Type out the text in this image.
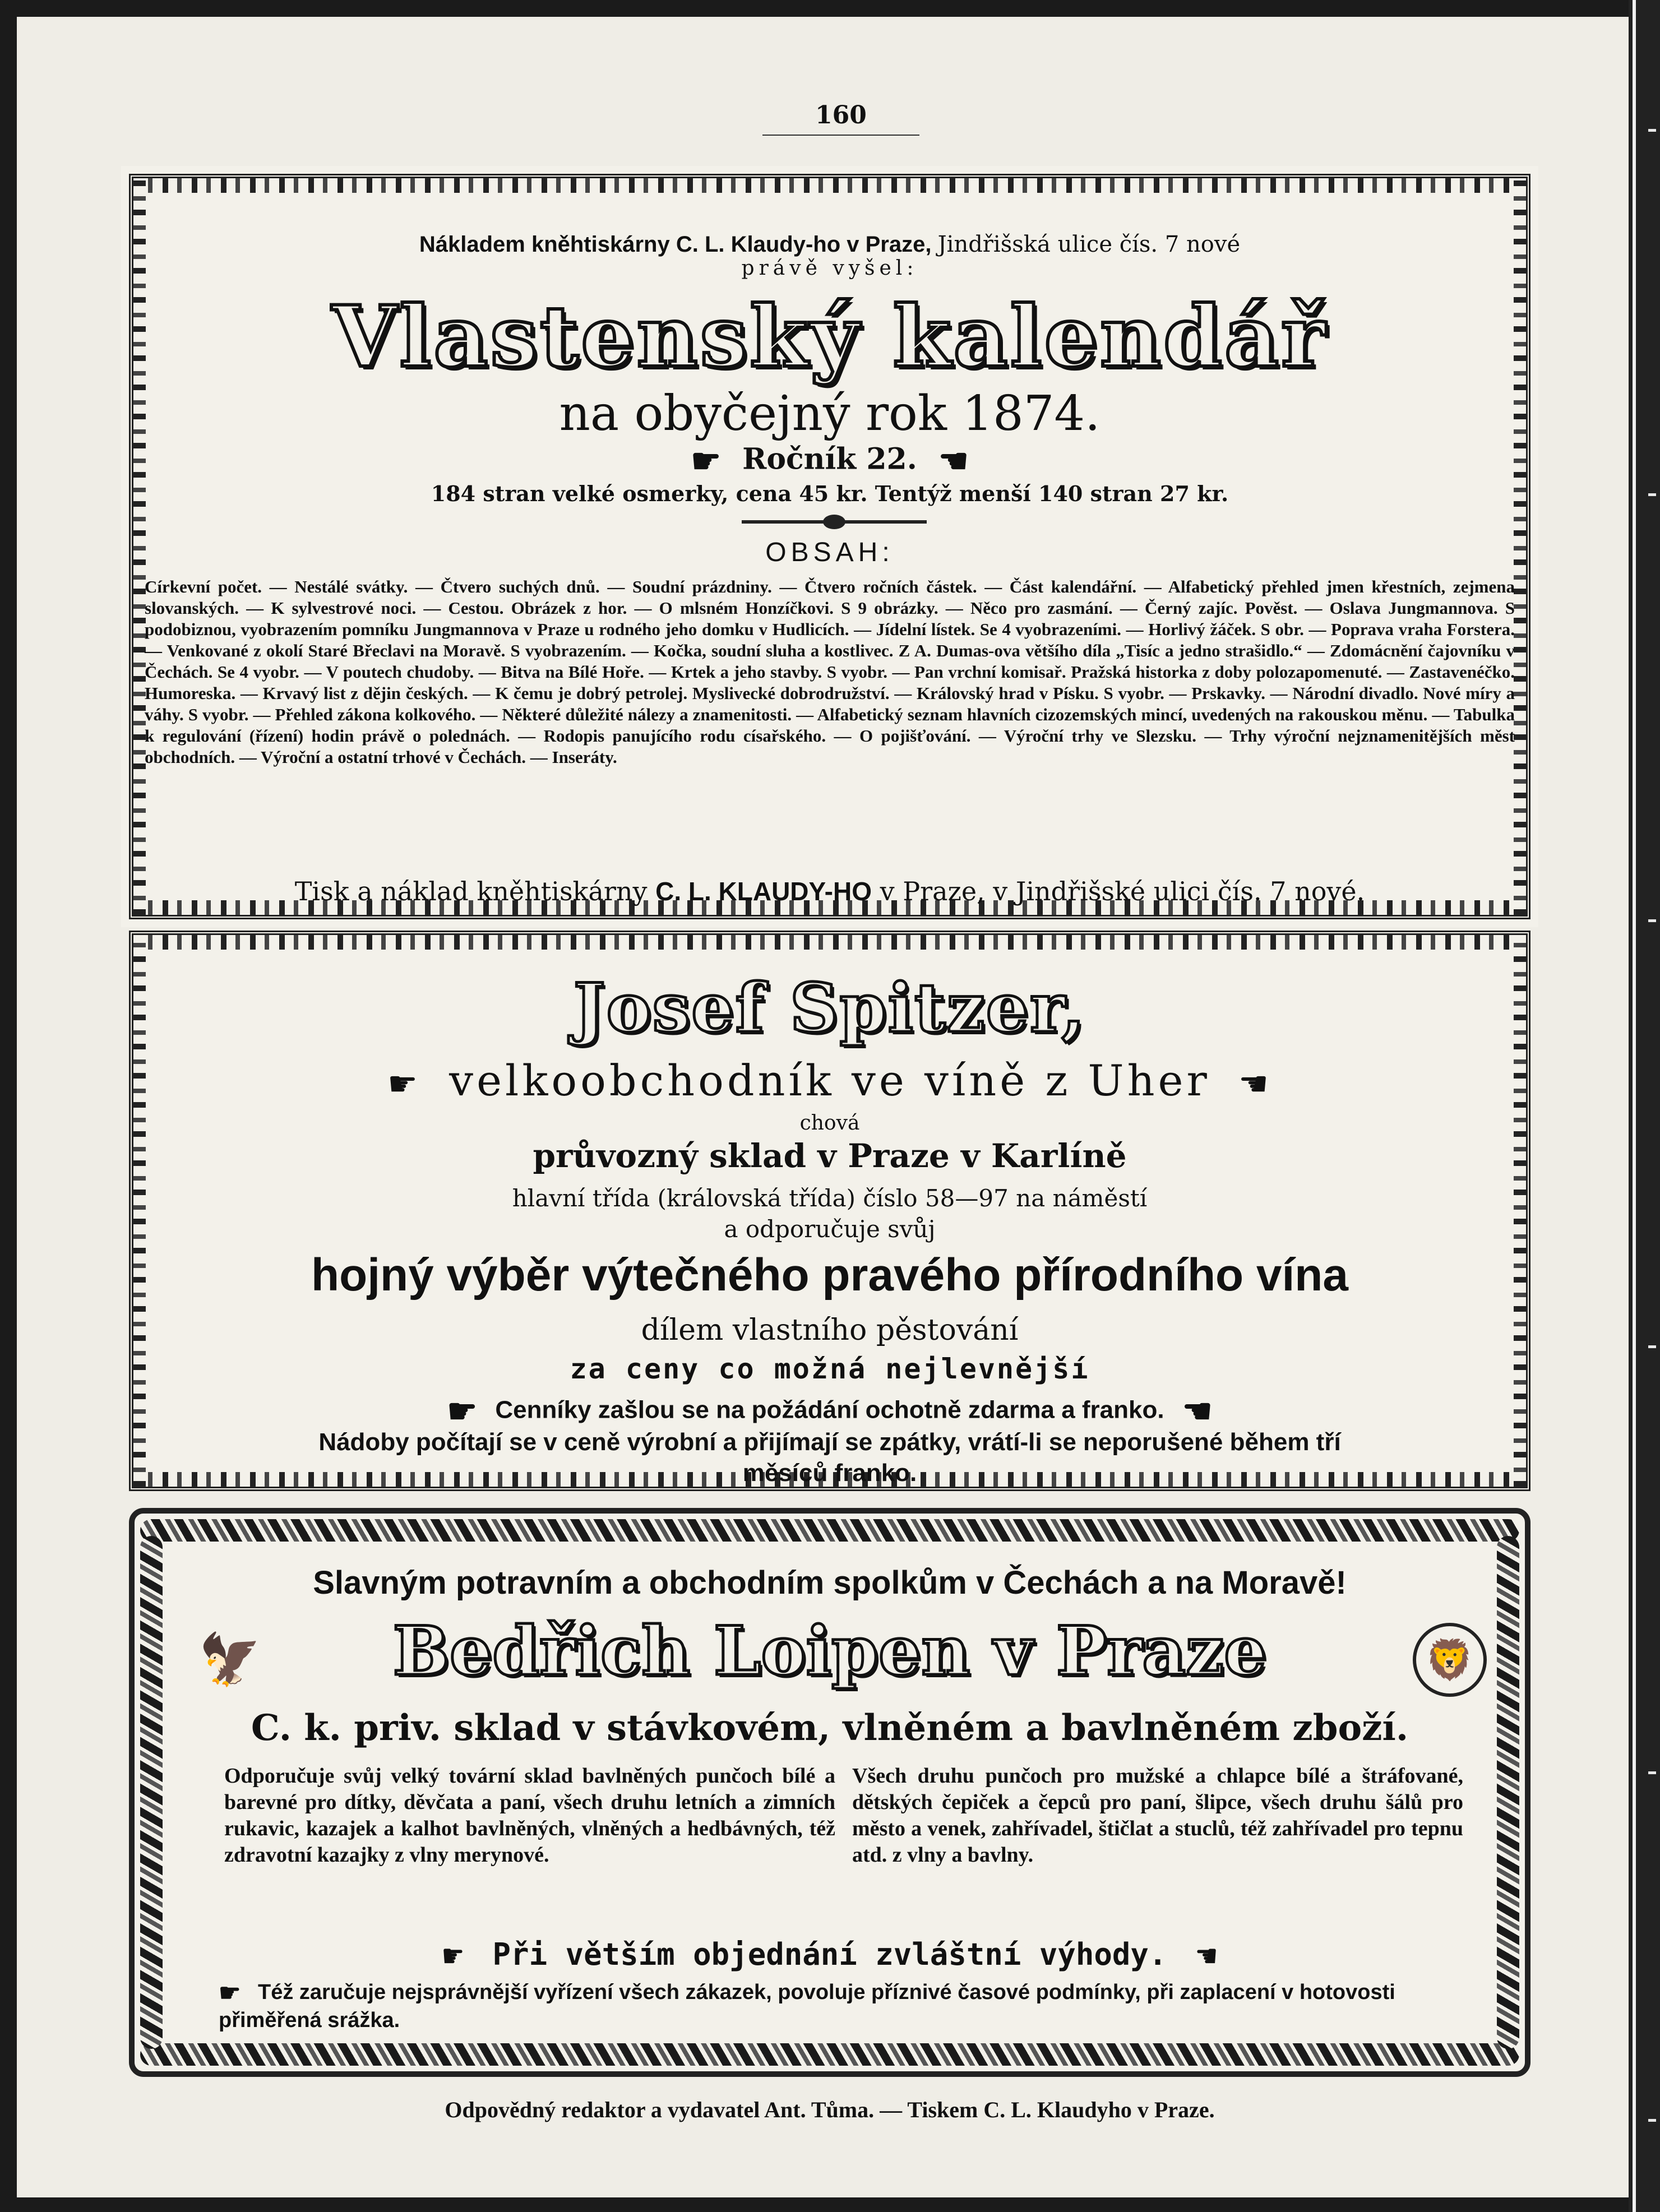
160
Nákladem kněhtiskárny C. L. Klaudy-ho v Praze, Jindřišská ulice čís. 7 nové
právě vyšel:
Vlastenský kalendář
na obyčejný rok 1874.
☛ Ročník 22. ☚
184 stran velké osmerky, cena 45 kr. Tentýž menší 140 stran 27 kr.
OBSAH:
Církevní počet. — Nestálé svátky. — Čtvero suchých dnů. — Soudní prázdniny. — Čtvero ročních částek. — Část kalendářní. — Alfabetický přehled jmen křestních, zejmena slovanských. — K sylvestrové noci. — Cestou. Obrázek z hor. — O mlsném Honzíčkovi. S 9 obrázky. — Něco pro zasmání. — Černý zajíc. Pověst. — Oslava Jungmannova. S podobiznou, vyobrazením pomníku Jungmannova v Praze u rodného jeho domku v Hudlicích. — Jídelní lístek. Se 4 vyobrazeními. — Horlivý žáček. S obr. — Poprava vraha Forstera. — Venkované z okolí Staré Břeclavi na Moravě. S vyobrazením. — Kočka, soudní sluha a kostlivec. Z A. Dumas-ova většího díla „Tisíc a jedno strašidlo.“ — Zdomácnění čajovníku v Čechách. Se 4 vyobr. — V poutech chudoby. — Bitva na Bílé Hoře. — Krtek a jeho stavby. S vyobr. — Pan vrchní komisař. Pražská historka z doby polozapomenuté. — Zastavenéčko. Humoreska. — Krvavý list z dějin českých. — K čemu je dobrý petrolej. Myslivecké dobrodružství. — Královský hrad v Písku. S vyobr. — Prskavky. — Národní divadlo. Nové míry a váhy. S vyobr. — Přehled zákona kolkového. — Některé důležité nálezy a znamenitosti. — Alfabetický seznam hlavních cizozemských mincí, uvedených na rakouskou měnu. — Tabulka k regulování (řízení) hodin právě o polednách. — Rodopis panujícího rodu císařského. — O pojišťování. — Výroční trhy ve Slezsku. — Trhy výroční nejznamenitějších měst obchodních. — Výroční a ostatní trhové v Čechách. — Inseráty.
Tisk a náklad kněhtiskárny C. L. KLAUDY-HO v Praze, v Jindřišské ulici čís. 7 nové.
Josef Spitzer,
☛ velkoobchodník ve víně z Uher ☚
chová
průvozný sklad v Praze v Karlíně
hlavní třída (královská třída) číslo 58—97 na náměstí
a odporučuje svůj
hojný výběr výtečného pravého přírodního vína
dílem vlastního pěstování
za ceny co možná nejlevnější
☛ Cenníky zašlou se na požádání ochotně zdarma a franko. ☚
Nádoby počítají se v ceně výrobní a přijímají se zpátky, vrátí-li se neporušené během tří
měsíců franko.
Slavným potravním a obchodním spolkům v Čechách a na Moravě!
🦅	Bedřich Loipen v Praze	🦁
C. k. priv. sklad v stávkovém, vlněném a bavlněném zboží.
Odporučuje svůj velký tovární sklad bavlněných punčoch bílé a barevné pro dítky, děvčata a paní, všech druhu letních a zimních rukavic, kazajek a kalhot bavlněných, vlněných a hedbávných, též zdravotní kazajky z vlny merynové.
Všech druhu punčoch pro mužské a chlapce bílé a štráfované, dětských čepiček a čepců pro paní, šlipce, všech druhu šálů pro město a venek, zahřívadel, štičlat a stuclů, též zahřívadel pro tepnu atd. z vlny a bavlny.
☛ Při větším objednání zvláštní výhody. ☚
☛ Též zaručuje nejsprávnější vyřízení všech zákazek, povoluje příznivé časové podmínky, při zaplacení v hotovosti přiměřená srážka.
Odpovědný redaktor a vydavatel Ant. Tůma. — Tiskem C. L. Klaudyho v Praze.
